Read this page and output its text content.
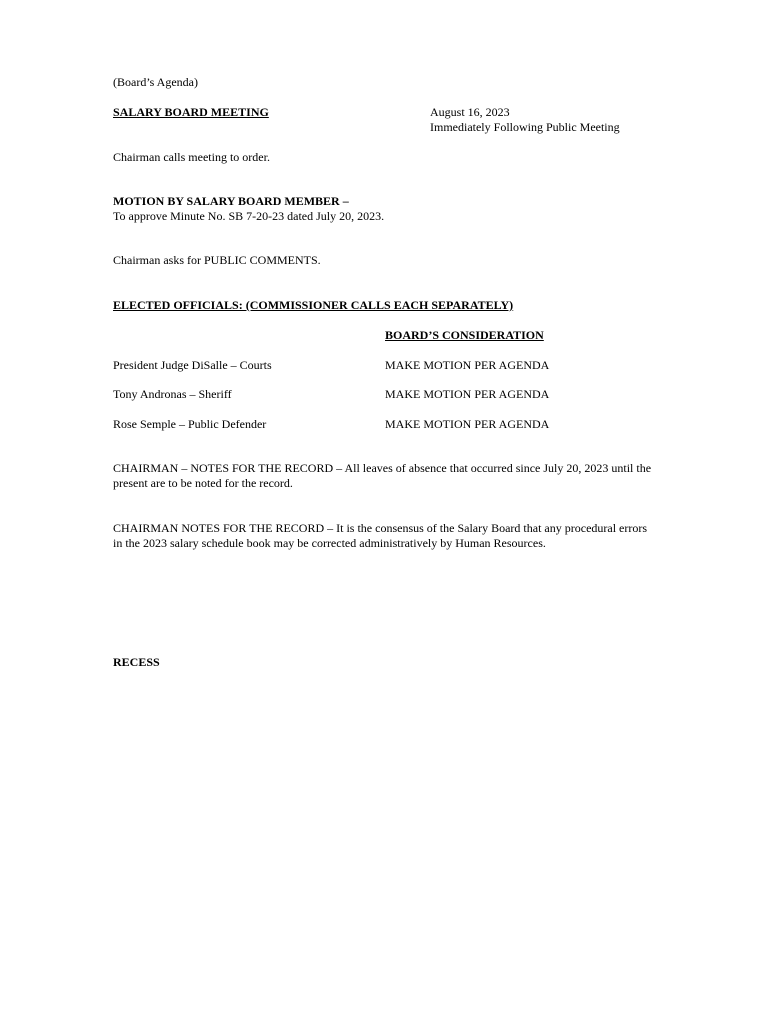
(Board’s Agenda)
SALARY BOARD MEETING	August 16, 2023
Immediately Following Public Meeting
Chairman calls meeting to order.
MOTION BY SALARY BOARD MEMBER –
To approve Minute No. SB 7-20-23 dated July 20, 2023.
Chairman asks for PUBLIC COMMENTS.
ELECTED OFFICIALS: (COMMISSIONER CALLS EACH SEPARATELY)
BOARD’S CONSIDERATION
President Judge DiSalle – Courts	MAKE MOTION PER AGENDA
Tony Andronas – Sheriff	MAKE MOTION PER AGENDA
Rose Semple – Public Defender	MAKE MOTION PER AGENDA
CHAIRMAN – NOTES FOR THE RECORD – All leaves of absence that occurred since July 20, 2023 until the present are to be noted for the record.
CHAIRMAN NOTES FOR THE RECORD – It is the consensus of the Salary Board that any procedural errors in the 2023 salary schedule book may be corrected administratively by Human Resources.
RECESS
